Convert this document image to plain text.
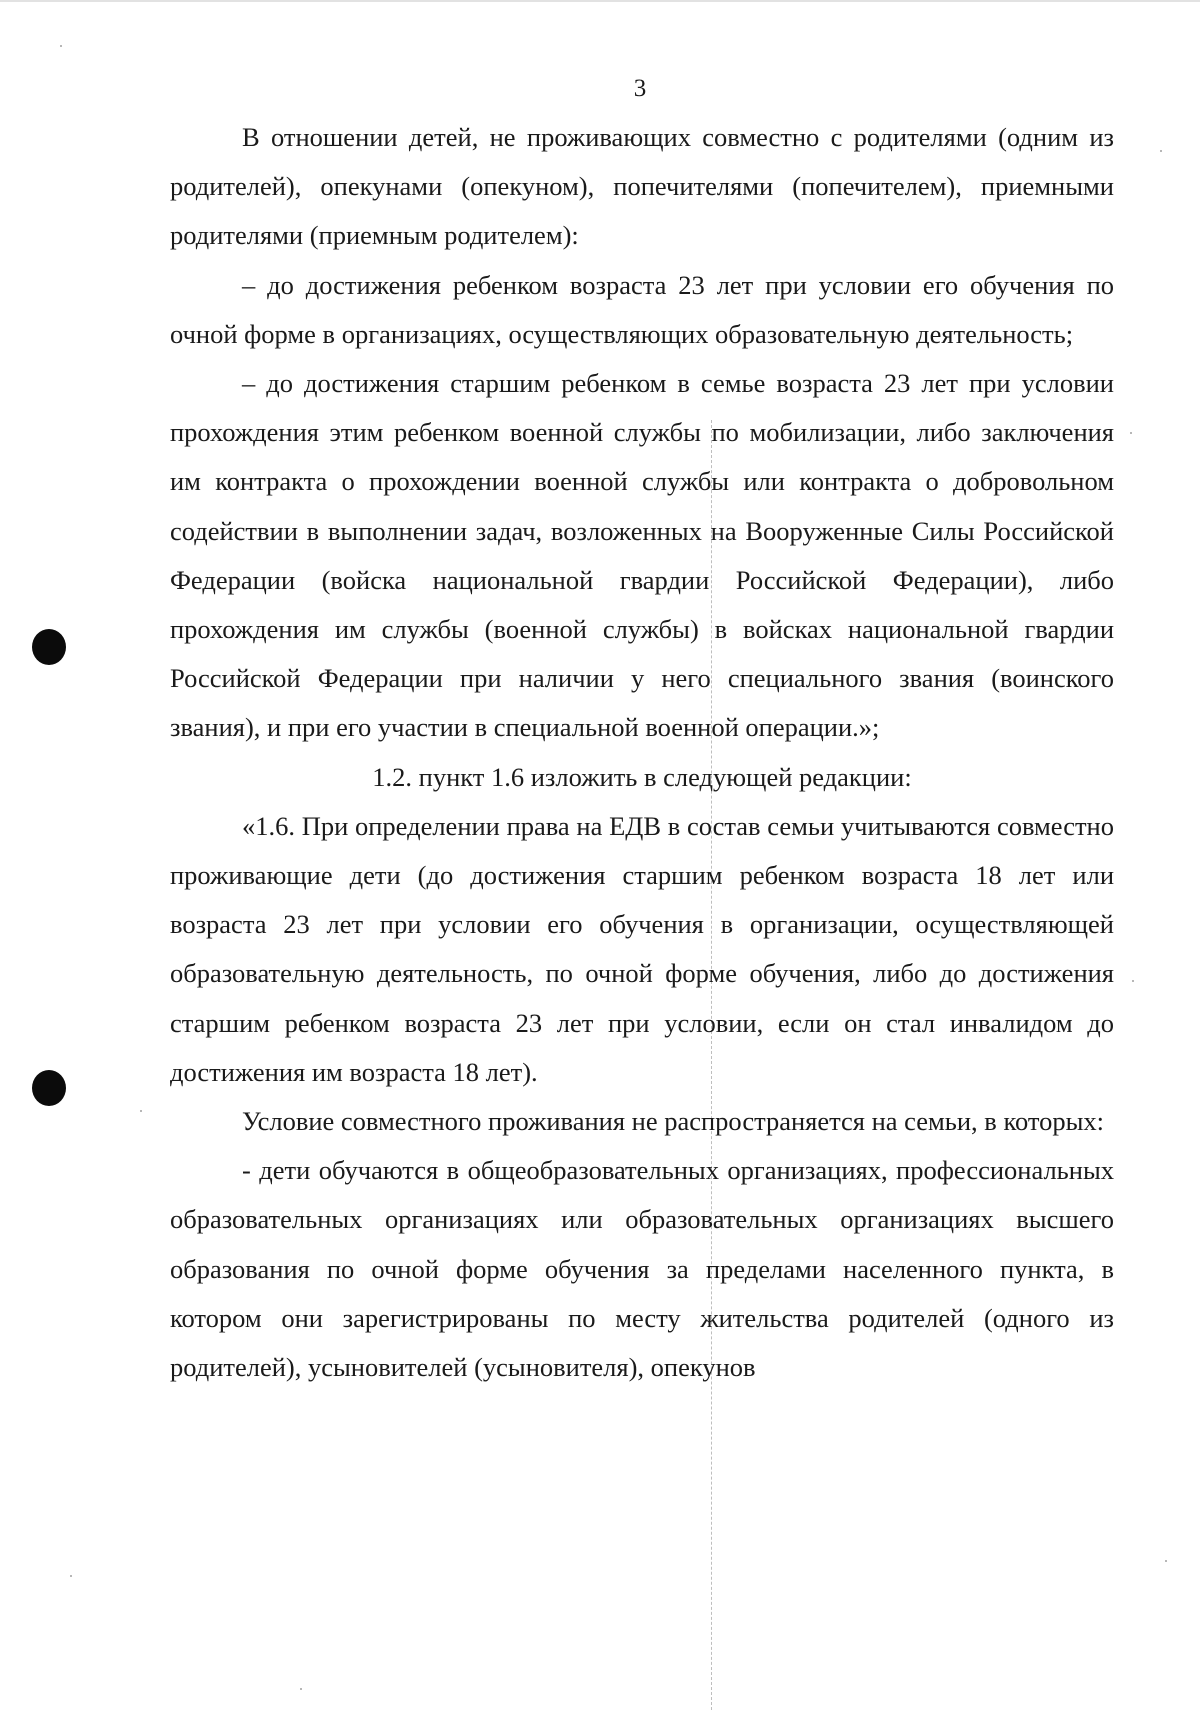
3

В отношении детей, не проживающих совместно с родителями (одним из родителей), опекунами (опекуном), попечителями (попечителем), приемными родителями (приемным родителем):

– до достижения ребенком возраста 23 лет при условии его обучения по очной форме в организациях, осуществляющих образовательную деятельность;

– до достижения старшим ребенком в семье возраста 23 лет при условии прохождения этим ребенком военной службы по мобилизации, либо заключения им контракта о прохождении военной службы или контракта о добровольном содействии в выполнении задач, возложенных на Вооруженные Силы Российской Федерации (войска национальной гвардии Российской Федерации), либо прохождения им службы (военной службы) в войсках национальной гвардии Российской Федерации при наличии у него специального звания (воинского звания), и при его участии в специальной военной операции.»;

1.2. пункт 1.6 изложить в следующей редакции:

«1.6. При определении права на ЕДВ в состав семьи учитываются совместно проживающие дети (до достижения старшим ребенком возраста 18 лет или возраста 23 лет при условии его обучения в организации, осуществляющей образовательную деятельность, по очной форме обучения, либо до достижения старшим ребенком возраста 23 лет при условии, если он стал инвалидом до достижения им возраста 18 лет).

Условие совместного проживания не распространяется на семьи, в которых:

- дети обучаются в общеобразовательных организациях, профессиональных образовательных организациях или образовательных организациях высшего образования по очной форме обучения за пределами населенного пункта, в котором они зарегистрированы по месту жительства родителей (одного из родителей), усыновителей (усыновителя), опекунов
